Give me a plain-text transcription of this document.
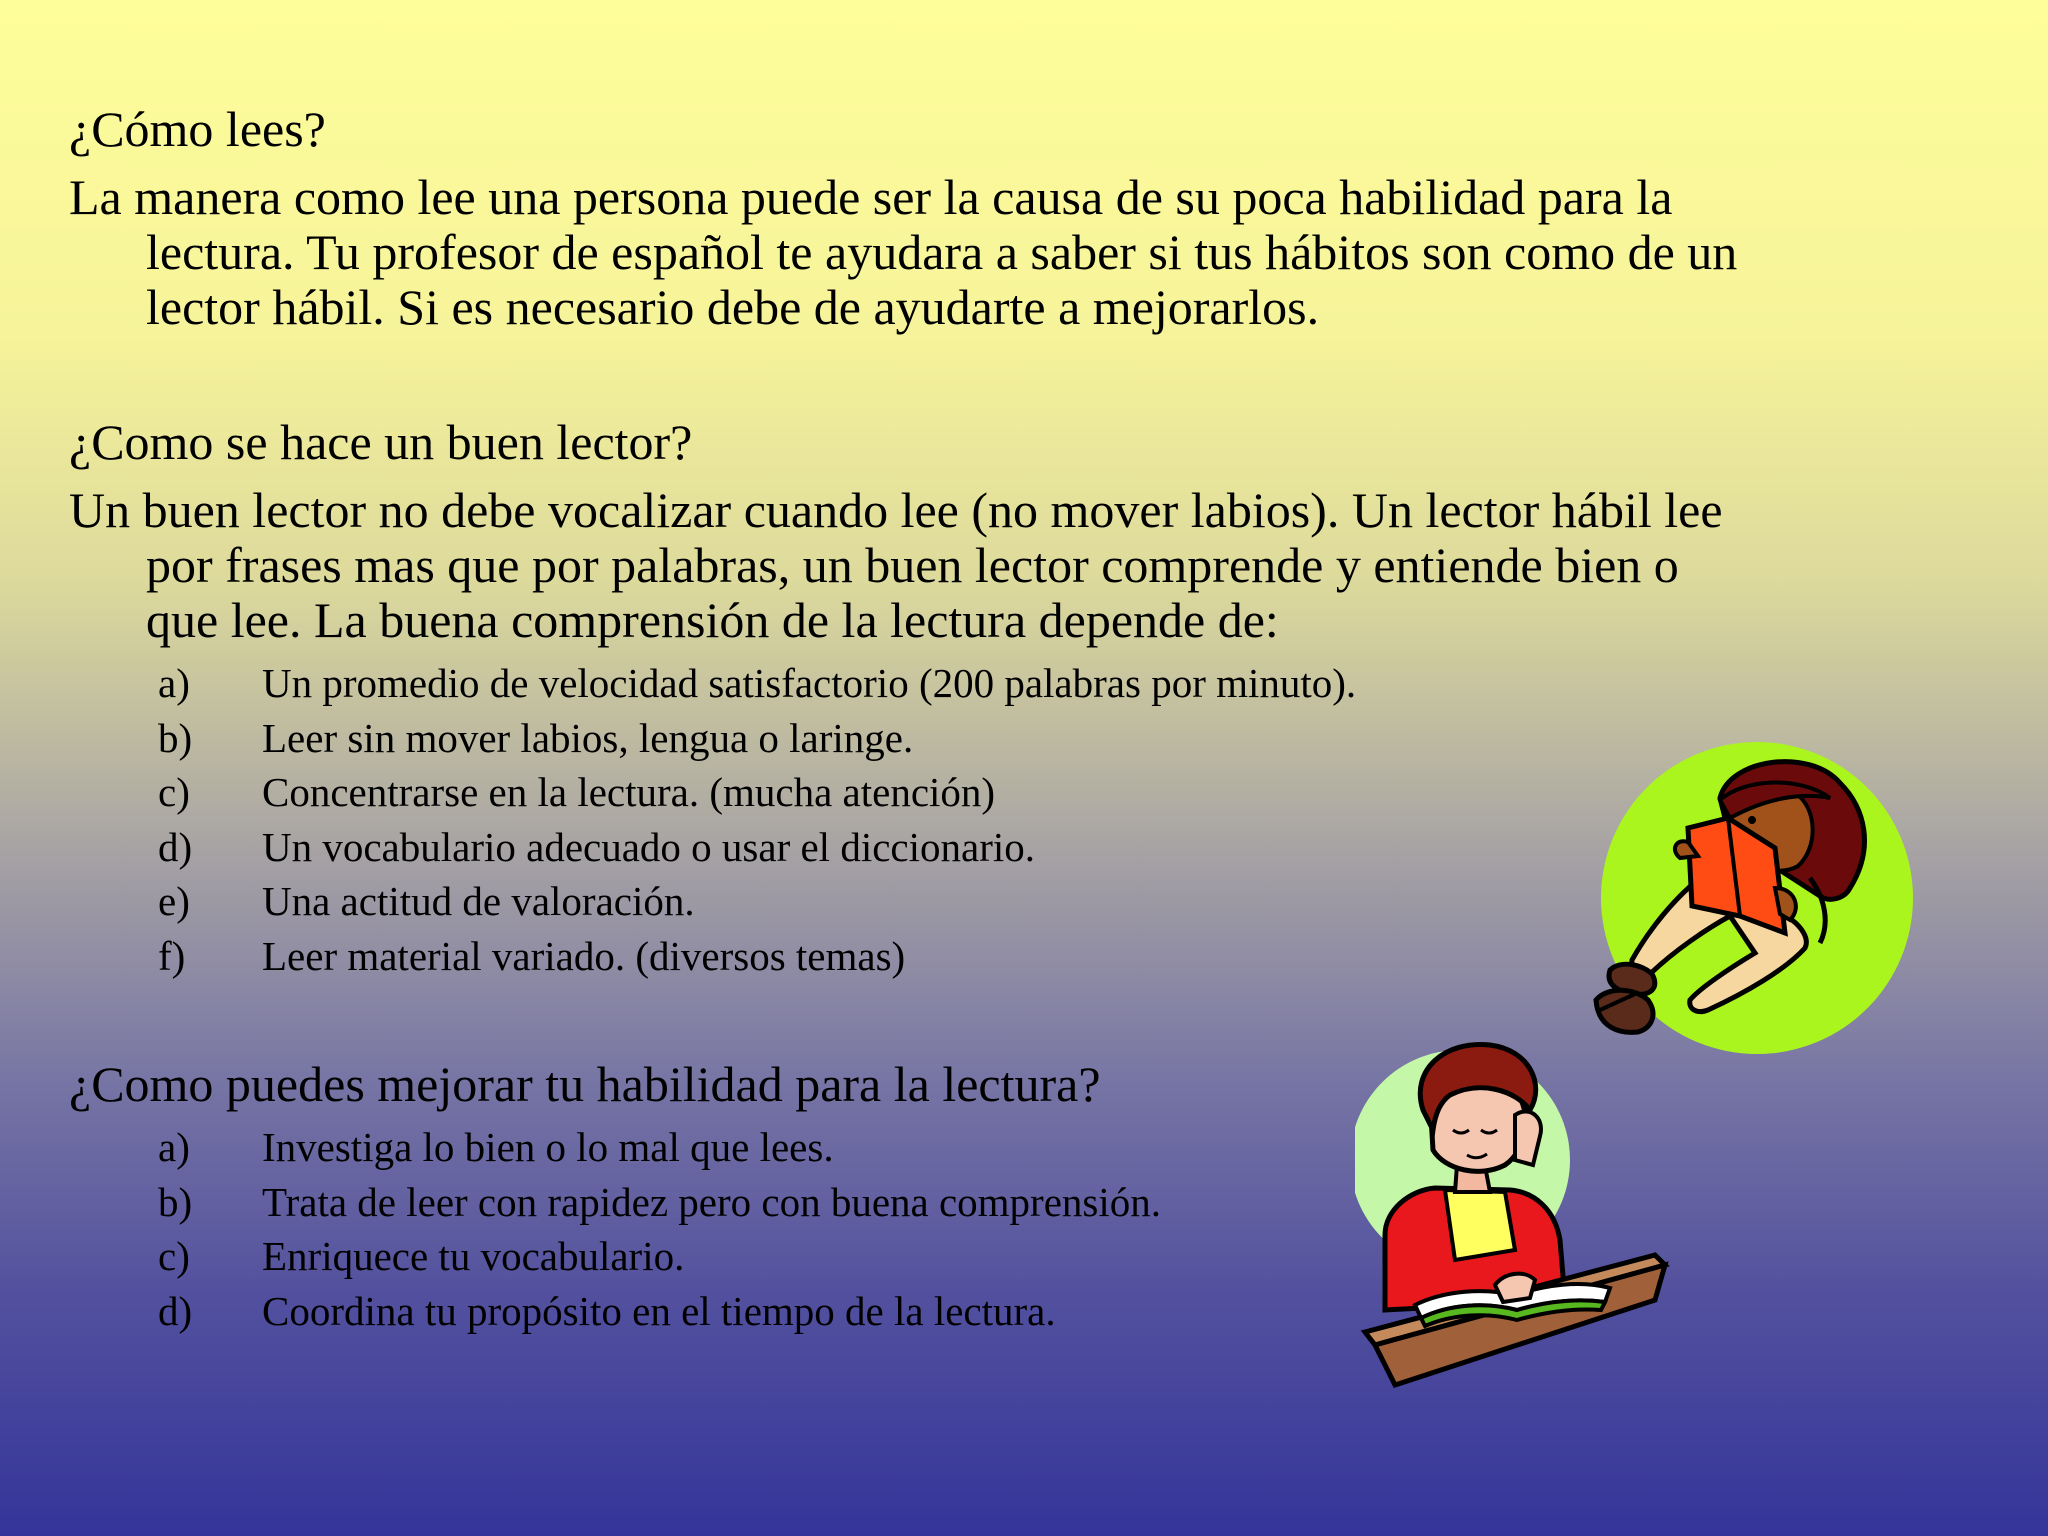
¿Cómo lees?
La manera como lee una persona puede ser la causa de su poca habilidad para la
lectura. Tu profesor de español te ayudara a saber si tus hábitos son como de un
lector hábil. Si es necesario debe de ayudarte a mejorarlos.
¿Como se hace un buen lector?
Un buen lector no debe vocalizar cuando lee (no mover labios). Un lector hábil lee
por frases mas que por palabras, un buen lector comprende y entiende bien o
que lee. La buena comprensión de la lectura depende de:
a)	Un promedio de velocidad satisfactorio (200 palabras por minuto).
b)	Leer sin mover labios, lengua o laringe.
c)	Concentrarse en la lectura. (mucha atención)
d)	Un vocabulario adecuado o usar el diccionario.
e)	Una actitud de valoración.
f)	Leer material variado. (diversos temas)
¿Como puedes mejorar tu habilidad para la lectura?
a)	Investiga lo bien o lo mal que lees.
b)	Trata de leer con rapidez pero con buena comprensión.
c)	Enriquece tu vocabulario.
d)	Coordina tu propósito en el tiempo de la lectura.
